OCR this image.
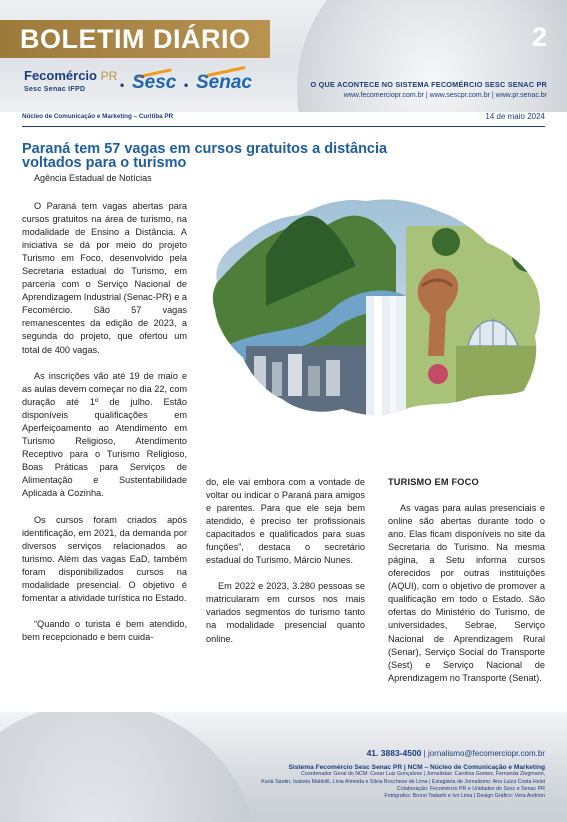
BOLETIM DIÁRIO	2
Fecomércio PR
Sesc Senac IFPD	• Sesc • Senac	O QUE ACONTECE NO SISTEMA FECOMÉRCIO SESC SENAC PR
www.fecomerciopr.com.br | www.sescpr.com.br | www.pr.senac.br
Núcleo de Comunicação e Marketing – Curitiba PR	14 de maio 2024
Paraná tem 57 vagas em cursos gratuitos a distância
voltados para o turismo
Agência Estadual de Notícias

O Paraná tem vagas abertas para cursos gratuitos na área de turismo, na modalidade de Ensino a Distância. A iniciativa se dá por meio do projeto Turismo em Foco, desenvolvido pela Secretaria estadual do Turismo, em parceria com o Serviço Nacional de Aprendizagem Industrial (Senac-PR) e a Fecomércio. São 57 vagas remanescentes da edição de 2023, a segunda do projeto, que ofertou um total de 400 vagas.

As inscrições vão até 19 de maio e as aulas devem começar no dia 22, com duração até 1º de julho. Estão disponíveis qualificações em Aperfeiçoamento ao Atendimento em Turismo Religioso, Atendimento Receptivo para o Turismo Religioso, Boas Práticas para Serviços de Alimentação e Sustentabilidade Aplicada à Cozinha.

Os cursos foram criados após identificação, em 2021, da demanda por diversos serviços relacionados ao turismo. Além das vagas EaD, também foram disponibilizados cursos na modalidade presencial. O objetivo é fomentar a atividade turística no Estado.

“Quando o turista é bem atendido, bem recepcionado e bem cuida-

do, ele vai embora com a vontade de voltar ou indicar o Paraná para amigos e parentes. Para que ele seja bem atendido, é preciso ter profissionais capacitados e qualificados para suas funções”, destaca o secretário estadual do Turismo, Márcio Nunes.

Em 2022 e 2023, 3.280 pessoas se matricularam em cursos nos mais variados segmentos do turismo tanto na modalidade presencial quanto online.

TURISMO EM FOCO

As vagas para aulas presenciais e online são abertas durante todo o ano. Elas ficam disponíveis no site da Secretaria do Turismo. Na mesma página, a Setu informa cursos oferecidos por outras instituições (AQUI), com o objetivo de promover a qualificação em todo o Estado. São ofertas do Ministério do Turismo, de universidades, Sebrae, Serviço Nacional de Aprendizagem Rural (Senar), Serviço Social do Transporte (Sest) e Serviço Nacional de Aprendizagem no Transporte (Senat).

41. 3883-4500 | jornalismo@fecomerciopr.com.br
Sistema Fecomércio Sesc Senac PR | NCM – Núcleo de Comunicação e Marketing
Coordenador Geral do NCM: Cesar Luiz Gonçalves | Jornalistas: Carolina Gomes, Fernanda Ziegmann,
Karla Santin, Isabela Mattiolli, Lívia Almeida e Silvia Bocchese de Lima | Estagiária de Jornalismo: Ana Luiza Costa Heist
Colaboração: Fecomércio PR e Unidades do Sesc e Senac PR
Fotógrafos: Bruno Tadashi e Ivo Lima | Design Gráfico: Vera Andrion
